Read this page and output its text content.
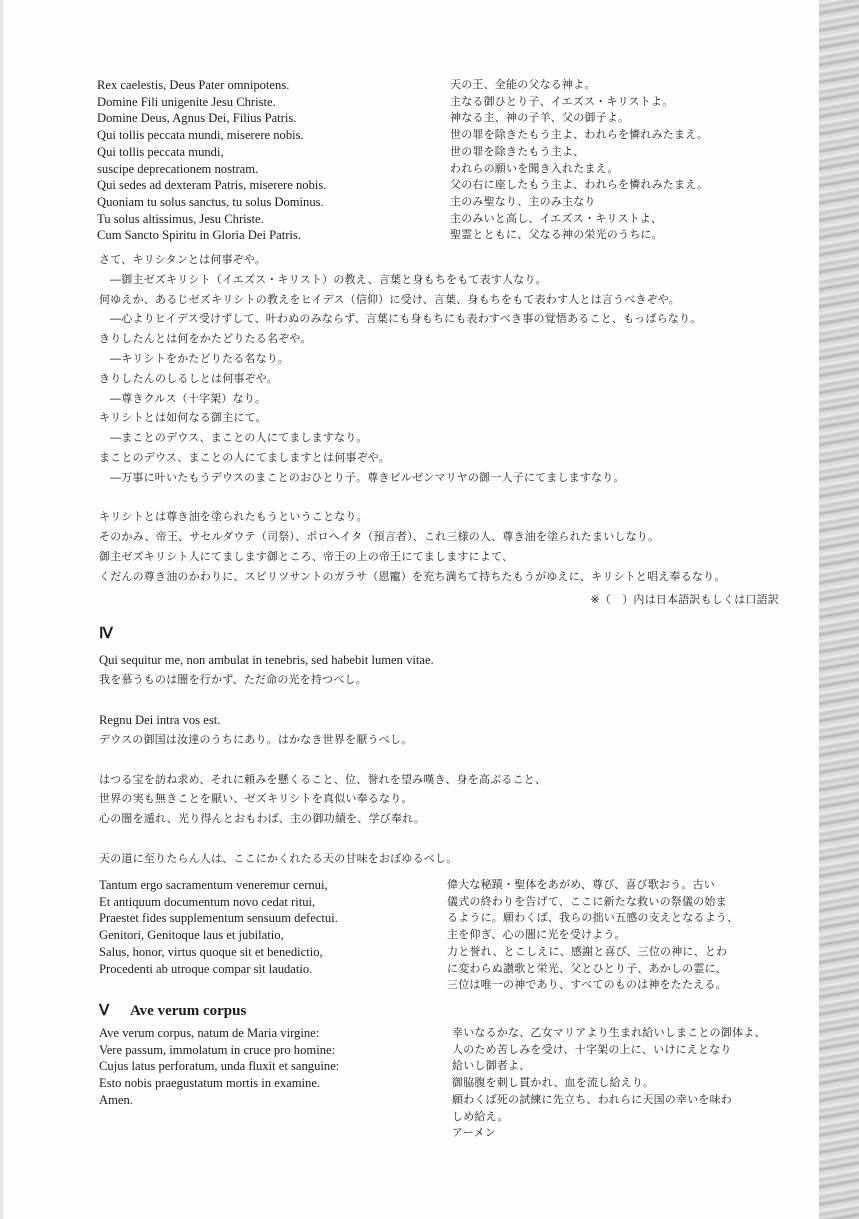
Rex caelestis, Deus Pater omnipotens.
Domine Fili unigenite Jesu Christe.
Domine Deus, Agnus Dei, Filius Patris.
Qui tollis peccata mundi, miserere nobis.
Qui tollis peccata mundi,
suscipe deprecationem nostram.
Qui sedes ad dexteram Patris, miserere nobis.
Quoniam tu solus sanctus, tu solus Dominus.
Tu solus altissimus, Jesu Christe.
Cum Sancto Spiritu in Gloria Dei Patris.
天の王、全能の父なる神よ。
主なる御ひとり子、イエズス・キリストよ。
神なる主、神の子羊、父の御子よ。
世の罪を除きたもう主よ、われらを憐れみたまえ。
世の罪を除きたもう主よ、
われらの願いを聞き入れたまえ。
父の右に座したもう主よ、われらを憐れみたまえ。
主のみ聖なり、主のみ主なり
主のみいと高し、イエズス・キリストよ、
聖霊とともに、父なる神の栄光のうちに。
さて、キリシタンとは何事ぞや。
―御主ゼズキリシト（イエズス・キリスト）の教え、言葉と身もちをもて表す人なり。
何ゆえか、あるじゼズキリシトの教えをヒイデス（信仰）に受け、言葉、身もちをもて表わす人とは言うべきぞや。
―心よりヒイデス受けずして、叶わぬのみならず、言葉にも身もちにも表わすべき事の覚悟あること、もっぱらなり。
きりしたんとは何をかたどりたる名ぞや。
―キリシトをかたどりたる名なり。
きりしたんのしるしとは何事ぞや。
―尊きクルス（十字架）なり。
キリシトとは如何なる御主にて。
―まことのデウス、まことの人にてましますなり。
まことのデウス、まことの人にてましますとは何事ぞや。
―万事に叶いたもうデウスのまことのおひとり子。尊きビルゼンマリヤの御一人子にてましますなり。
キリシトとは尊き油を塗られたもうということなり。
そのかみ、帝王、サセルダウテ（司祭）、ポロヘイタ（預言者）、これ三様の人、尊き油を塗られたまいしなり。
御主ゼズキリシト人にてまします御ところ、帝王の上の帝王にてましますによて、
くだんの尊き油のかわりに、スピリツサントのガラサ（恩寵）を充ち満ちて持ちたもうがゆえに、キリシトと唱え奉るなり。
※（　）内は日本語訳もしくは口語訳
Ⅳ
Qui sequitur me, non ambulat in tenebris, sed habebit lumen vitae.
我を慕うものは闇を行かず、ただ命の光を持つべし。
Regnu Dei intra vos est.
デウスの御国は汝達のうちにあり。はかなき世界を厭うべし。
はつる宝を訪ね求め、それに頼みを懸くること、位、誉れを望み嘆き、身を高ぶること、
世界の実も無きことを厭い、ゼズキリシトを真似い奉るなり。
心の闇を遁れ、光り得んとおもわば、主の御功績を、学び奉れ。
天の道に至りたらん人は、ここにかくれたる天の甘味をおぼゆるべし。
Tantum ergo sacramentum veneremur cernui,
Et antiquum documentum novo cedat ritui,
Praestet fides supplementum sensuum defectui.
Genitori, Genitoque laus et jubilatio,
Salus, honor, virtus quoque sit et benedictio,
Procedenti ab utroque compar sit laudatio.
偉大な秘蹟・聖体をあがめ、尊び、喜び歌おう。古い
儀式の終わりを告げて、ここに新たな救いの祭儀の始ま
るように。願わくば、我らの拙い五感の支えとなるよう、
主を仰ぎ、心の闇に光を受けよう。
力と誉れ、とこしえに、感謝と喜び、三位の神に、とわ
に変わらぬ讃歌と栄光、父とひとり子、あかしの霊に、
三位は唯一の神であり、すべてのものは神をたたえる。
Ⅴ Ave verum corpus
Ave verum corpus, natum de Maria virgine:
Vere passum, immolatum in cruce pro homine:
Cujus latus perforatum, unda fluxit et sanguine:
Esto nobis praegustatum mortis in examine.
Amen.
幸いなるかな、乙女マリアより生まれ給いしまことの御体よ、
人のため苦しみを受け、十字架の上に、いけにえとなり
給いし御者よ、
御脇腹を刺し貫かれ、血を流し給えり。
願わくば死の試練に先立ち、われらに天国の幸いを味わ
しめ給え。
アーメン
